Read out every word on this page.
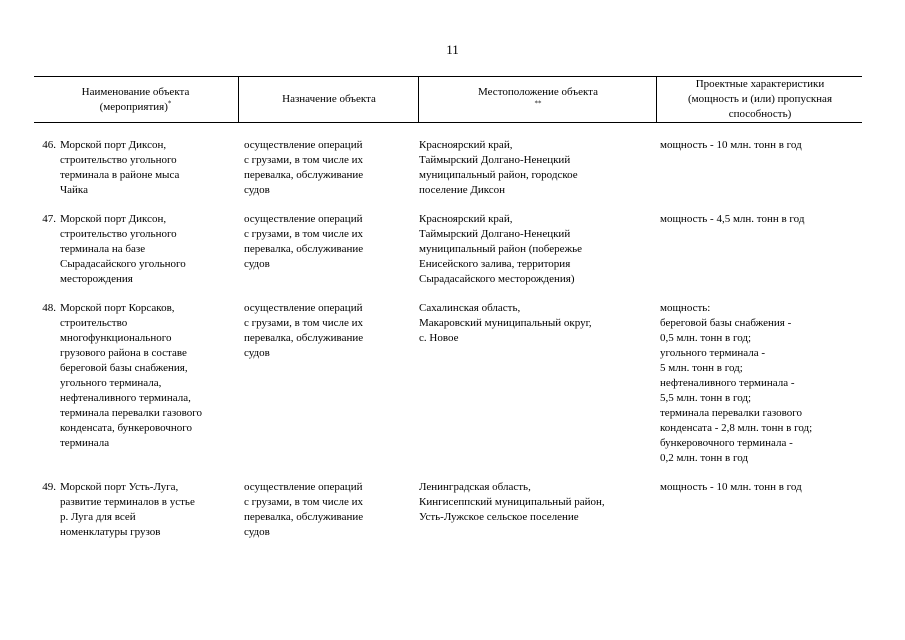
11
Наименование объекта
(мероприятия)*	Назначение объекта
Местоположение объекта
**
Проектные характеристики
(мощность и (или) пропускная
способность)
46. Морской порт Диксон,
строительство угольного
терминала в районе мыса
Чайка
осуществление операций
с грузами, в том числе их
перевалка, обслуживание
судов
Красноярский край,
Таймырский Долгано-Ненецкий
муниципальный район, городское
поселение Диксон
мощность - 10 млн. тонн в год
47. Морской порт Диксон,
строительство угольного
терминала на базе
Сырадасайского угольного
месторождения
осуществление операций
с грузами, в том числе их
перевалка, обслуживание
судов
Красноярский край,
Таймырский Долгано-Ненецкий
муниципальный район (побережье
Енисейского залива, территория
Сырадасайского месторождения)
мощность - 4,5 млн. тонн в год
48. Морской порт Корсаков,
строительство
многофункционального
грузового района в составе
береговой базы снабжения,
угольного терминала,
нефтеналивного терминала,
терминала перевалки газового
конденсата, бункеровочного
терминала
осуществление операций
с грузами, в том числе их
перевалка, обслуживание
судов
Сахалинская область,
Макаровский муниципальный округ,
с. Новое
мощность:
береговой базы снабжения -
0,5 млн. тонн в год;
угольного терминала -
5 млн. тонн в год;
нефтеналивного терминала -
5,5 млн. тонн в год;
терминала перевалки газового
конденсата - 2,8 млн. тонн в год;
бункеровочного терминала -
0,2 млн. тонн в год
49. Морской порт Усть-Луга,
развитие терминалов в устье
р. Луга для всей
номенклатуры грузов
осуществление операций
с грузами, в том числе их
перевалка, обслуживание
судов
Ленинградская область,
Кингисеппский муниципальный район,
Усть-Лужское сельское поселение
мощность - 10 млн. тонн в год
